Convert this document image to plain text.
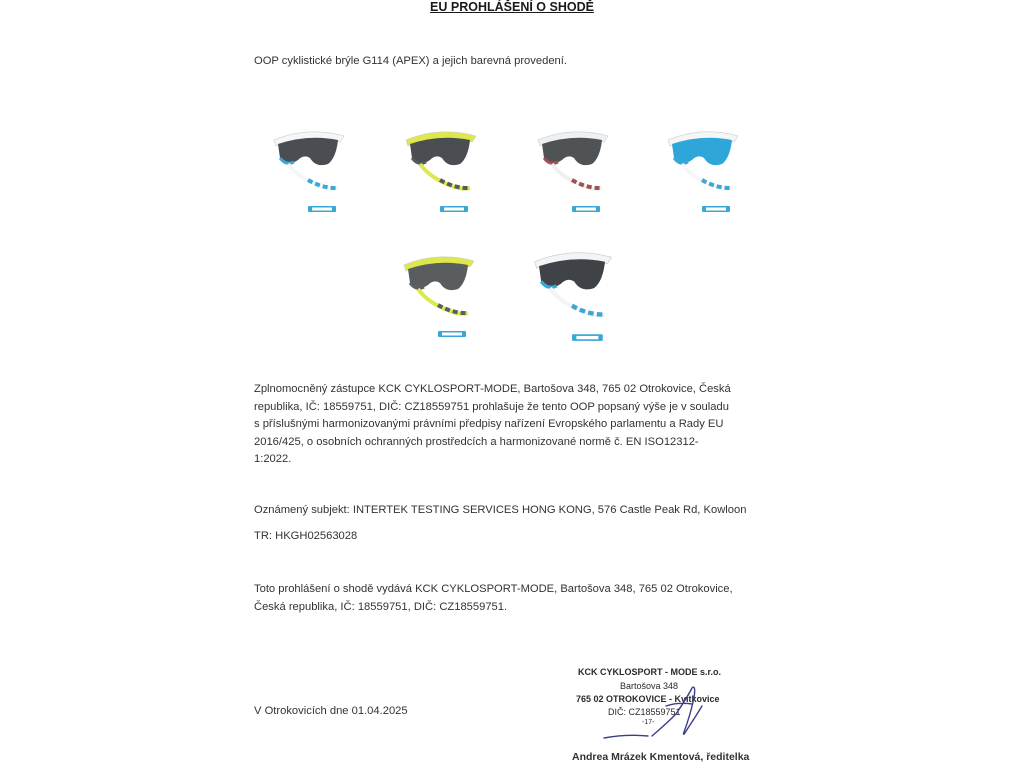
EU PROHLÁŠENÍ O SHODĚ

OOP cyklistické brýle G114 (APEX) a jejich barevná provedení.

Zplnomocněný zástupce KCK CYKLOSPORT-MODE, Bartošova 348, 765 02 Otrokovice, Česká
republika, IČ: 18559751, DIČ: CZ18559751 prohlašuje že tento OOP popsaný výše je v souladu
s příslušnými harmonizovanými právními předpisy nařízení Evropského parlamentu a Rady EU
2016/425, o osobních ochranných prostředcích a harmonizované normě č. EN ISO12312-
1:2022.
Oznámený subjekt: INTERTEK TESTING SERVICES HONG KONG, 576 Castle Peak Rd, Kowloon
TR: HKGH02563028
Toto prohlášení o shodě vydává KCK CYKLOSPORT-MODE, Bartošova 348, 765 02 Otrokovice,
Česká republika, IČ: 18559751, DIČ: CZ18559751.
V Otrokovicích dne 01.04.2025
KCK CYKLOSPORT - MODE s.r.o.
Bartošova 348
765 02 OTROKOVICE - Kvítkovice
DIČ: CZ18559751
-17-
Andrea Mrázek Kmentová, ředitelka
